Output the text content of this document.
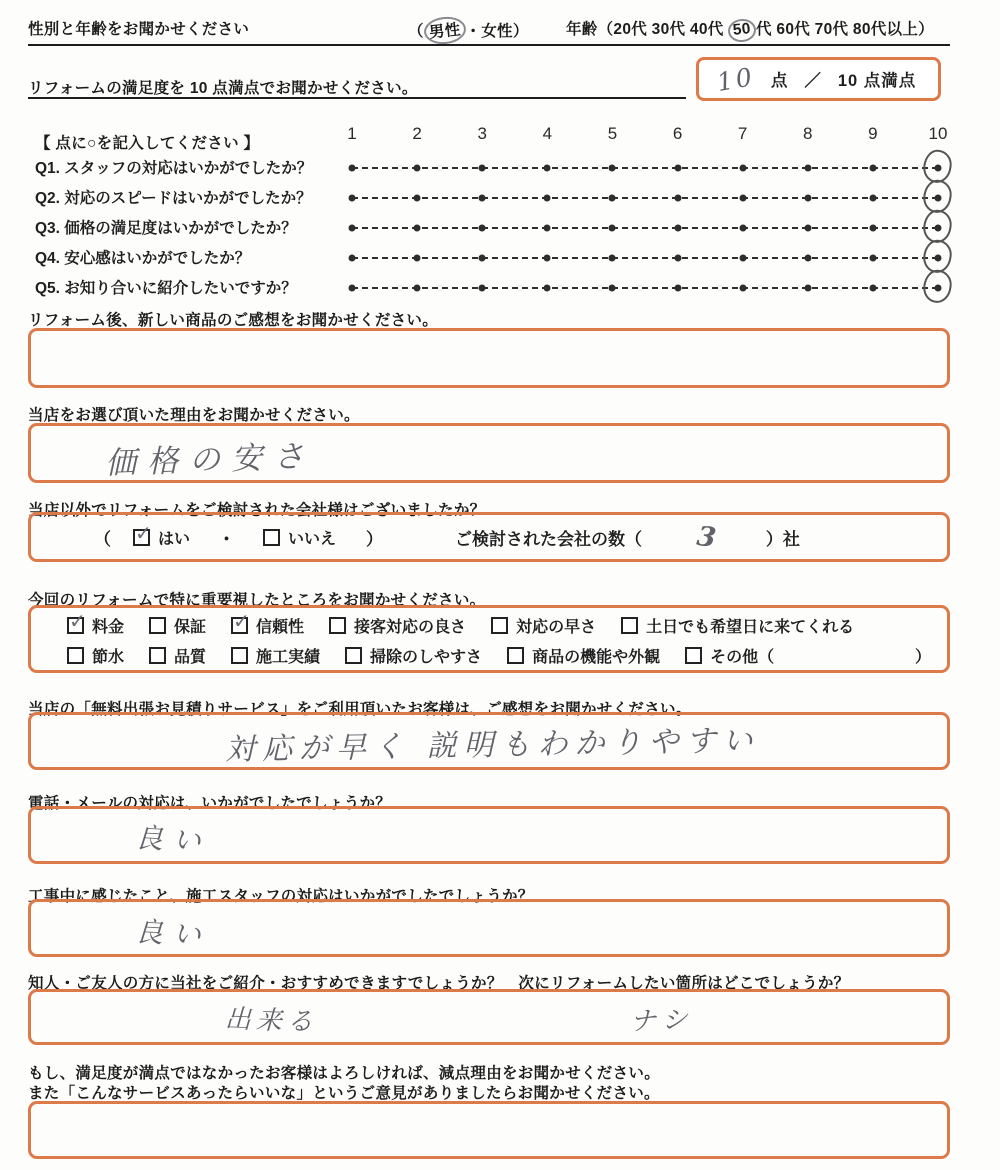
性別と年齢をお聞かせください	（ 男性 ・女性） 年齢（20代 30代 40代 50 代 60代 70代 80代以上）
リフォームの満足度を 10 点満点でお聞かせください。	10 点 ／ 10 点満点
【 点に○を記入してください 】
1	2	3	4	5	6	7	8	9	10
Q1. スタッフの対応はいかがでしたか？
Q2. 対応のスピードはいかがでしたか？
Q3. 価格の満足度はいかがでしたか？
Q4. 安心感はいかがでしたか？
Q5. お知り合いに紹介したいですか？
リフォーム後、新しい商品のご感想をお聞かせください。
当店をお選び頂いた理由をお聞かせください。
価格の安さ
当店以外でリフォームをご検討された会社様はございましたか？
（ ✓ はい ・	いいえ ）	ご検討された会社の数（ 3	）社
今回のリフォームで特に重要視したところをお聞かせください。
✓ 料金	保証 ✓ 信頼性	接客対応の良さ	対応の早さ	土日でも希望日に来てくれる
節水	品質	施工実績	掃除のしやすさ	商品の機能や外観	その他（	）
当店の「無料出張お見積りサービス」をご利用頂いたお客様は、ご感想をお聞かせください。
対応が早く 説明もわかりやすい
電話・メールの対応は、いかがでしたでしょうか？
良い
工事中に感じたこと、施工スタッフの対応はいかがでしたでしょうか？
良い
知人・ご友人の方に当社をご紹介・おすすめできますでしょうか？　次にリフォームしたい箇所はどこでしょうか？
出来る	ナシ
もし、満足度が満点ではなかったお客様はよろしければ、減点理由をお聞かせください。
また「こんなサービスあったらいいな」というご意見がありましたらお聞かせください。
